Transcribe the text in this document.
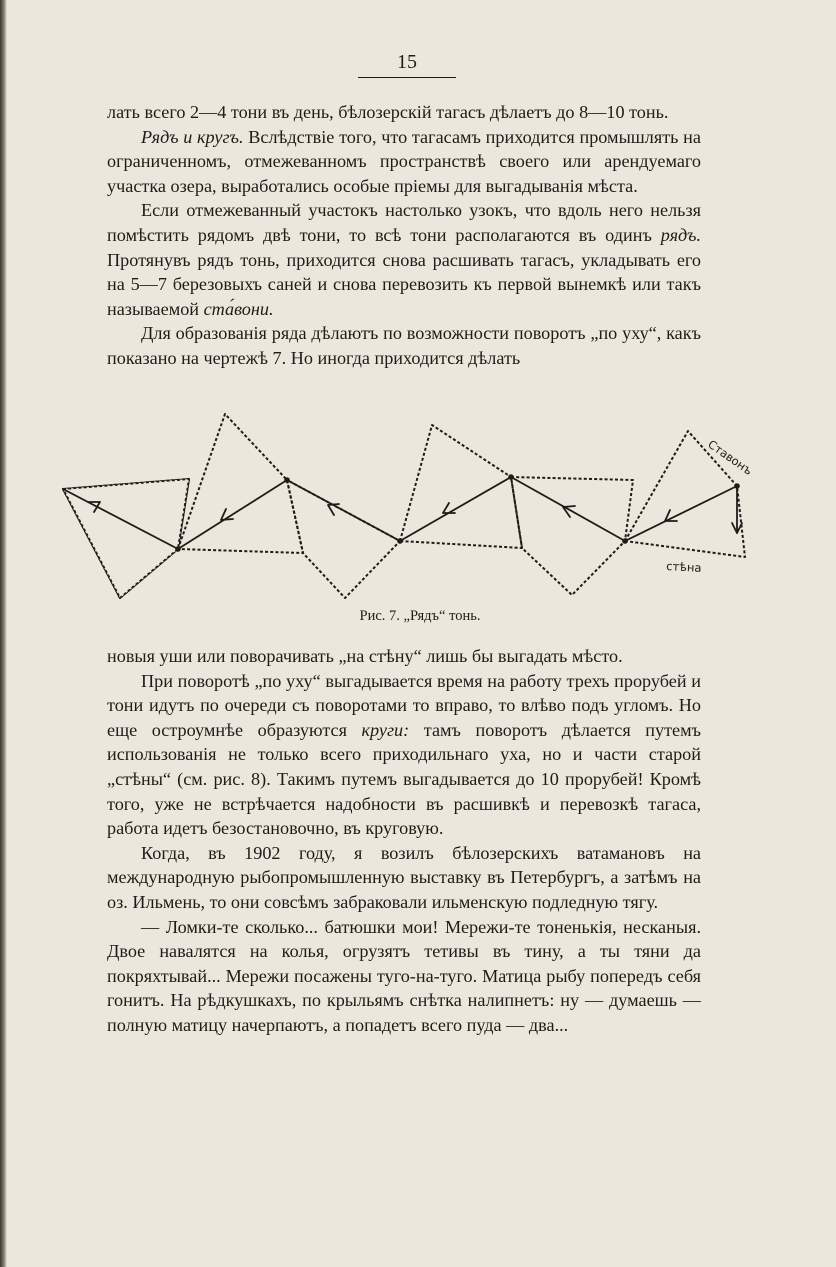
15

лать всего 2—4 тони въ день, бѣлозерскій тагасъ дѣлаетъ до 8—10 тонь.

Рядъ и кругъ. Вслѣдствіе того, что тагасамъ приходится промышлять на ограниченномъ, отмежеванномъ пространствѣ своего или арендуемаго участка озера, выработались особые пріемы для выгадыванія мѣста.

Если отмежеванный участокъ настолько узокъ, что вдоль него нельзя помѣстить рядомъ двѣ тони, то всѣ тони располагаются въ одинъ рядъ. Протянувъ рядъ тонь, приходится снова расшивать тагасъ, укладывать его на 5—7 березовыхъ саней и снова перевозить къ первой вынемкѣ или такъ называемой ста́вони.

Для образованія ряда дѣлаютъ по возможности поворотъ „по уху“, какъ показано на чертежѣ 7. Но иногда приходится дѣлать

Ставонъ
стѣна
Рис. 7. „Рядъ“ тонь.

новыя уши или поворачивать „на стѣну“ лишь бы выгадать мѣсто.

При поворотѣ „по уху“ выгадывается время на работу трехъ прорубей и тони идутъ по очереди съ поворотами то вправо, то влѣво подъ угломъ. Но еще остроумнѣе образуются круги: тамъ поворотъ дѣлается путемъ использованія не только всего приходильнаго уха, но и части старой „стѣны“ (см. рис. 8). Такимъ путемъ выгадывается до 10 прорубей! Кромѣ того, уже не встрѣчается надобности въ расшивкѣ и перевозкѣ тагаса, работа идетъ безостановочно, въ круговую.

Когда, въ 1902 году, я возилъ бѣлозерскихъ ватамановъ на международную рыбопромышленную выставку въ Петербургъ, а затѣмъ на оз. Ильмень, то они совсѣмъ забраковали ильменскую подледную тягу.

— Ломки-те сколько... батюшки мои! Мережи-те тоненькія, несканыя. Двое навалятся на колья, огрузятъ тетивы въ тину, а ты тяни да покряхтывай... Мережи посажены туго-на-туго. Матица рыбу поперeдъ себя гонитъ. На рѣдкушкахъ, по крыльямъ снѣтка налипнетъ: ну — думаешь — полную матицу начерпаютъ, а попадетъ всего пуда — два...
